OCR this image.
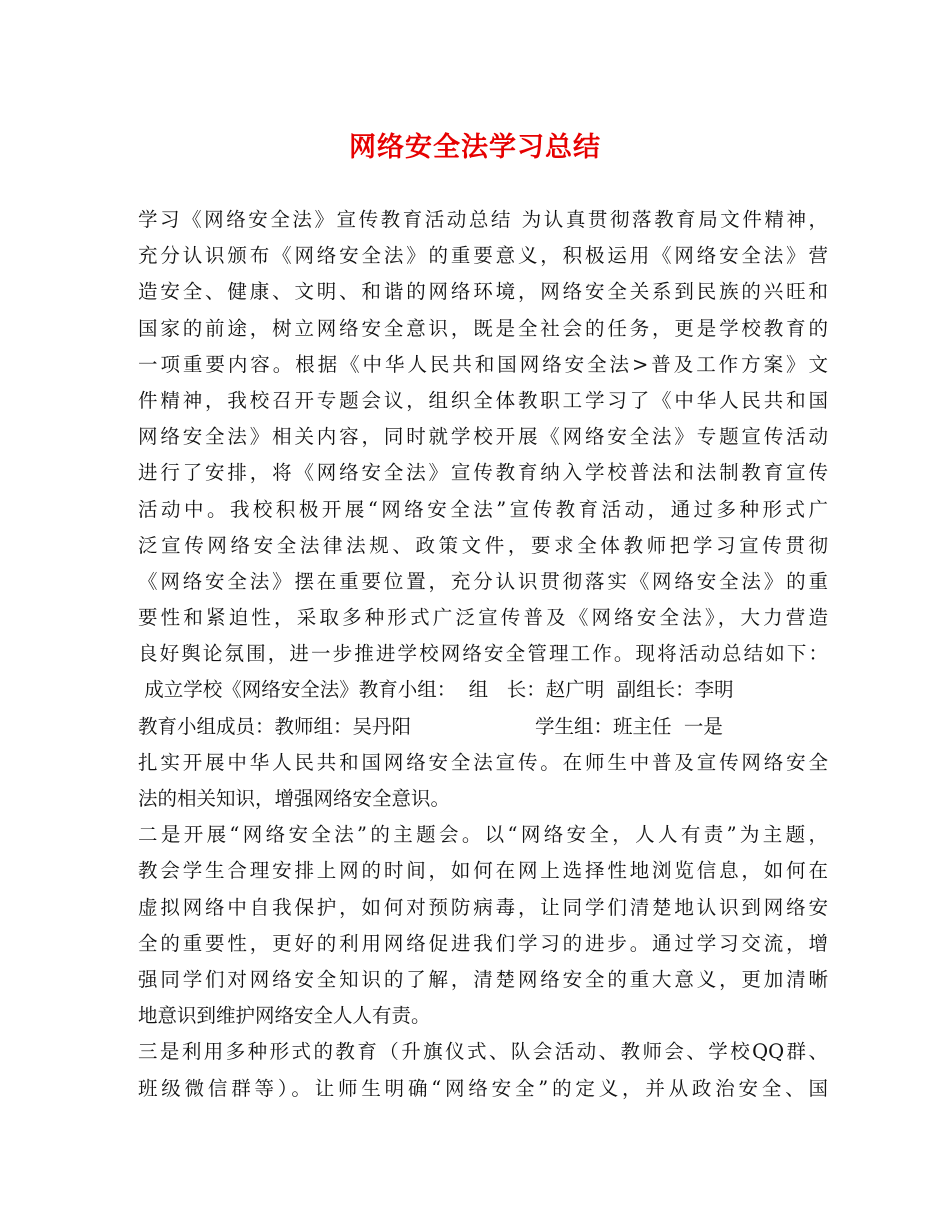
网络安全法学习总结
学习《网络安全法》宣传教育活动总结 为认真贯彻落教育局文件精神，
充分认识颁布《网络安全法》的重要意义，积极运用《网络安全法》营
造安全、健康、文明、和谐的网络环境，网络安全关系到民族的兴旺和
国家的前途，树立网络安全意识，既是全社会的任务，更是学校教育的
一项重要内容。根据《中华人民共和国网络安全法>普及工作方案》文
件精神，我校召开专题会议，组织全体教职工学习了《中华人民共和国
网络安全法》相关内容，同时就学校开展《网络安全法》专题宣传活动
进行了安排，将《网络安全法》宣传教育纳入学校普法和法制教育宣传
活动中。我校积极开展“网络安全法”宣传教育活动，通过多种形式广
泛宣传网络安全法律法规、政策文件，要求全体教师把学习宣传贯彻
《网络安全法》摆在重要位置，充分认识贯彻落实《网络安全法》的重
要性和紧迫性，采取多种形式广泛宣传普及《网络安全法》，大力营造
良好舆论氛围，进一步推进学校网络安全管理工作。现将活动总结如下：
成立学校《网络安全法》教育小组：  组   长：赵广明  副组长：李明
教育小组成员：教师组：吴丹阳                    学生组：班主任  一是
扎实开展中华人民共和国网络安全法宣传。在师生中普及宣传网络安全
法的相关知识，增强网络安全意识。
二是开展“网络安全法”的主题会。以“网络安全，人人有责”为主题，
教会学生合理安排上网的时间，如何在网上选择性地浏览信息，如何在
虚拟网络中自我保护，如何对预防病毒，让同学们清楚地认识到网络安
全的重要性，更好的利用网络促进我们学习的进步。通过学习交流，增
强同学们对网络安全知识的了解，清楚网络安全的重大意义，更加清晰
地意识到维护网络安全人人有责。
三是利用多种形式的教育（升旗仪式、队会活动、教师会、学校QQ群、
班级微信群等）。让师生明确“网络安全”的定义，并从政治安全、国
